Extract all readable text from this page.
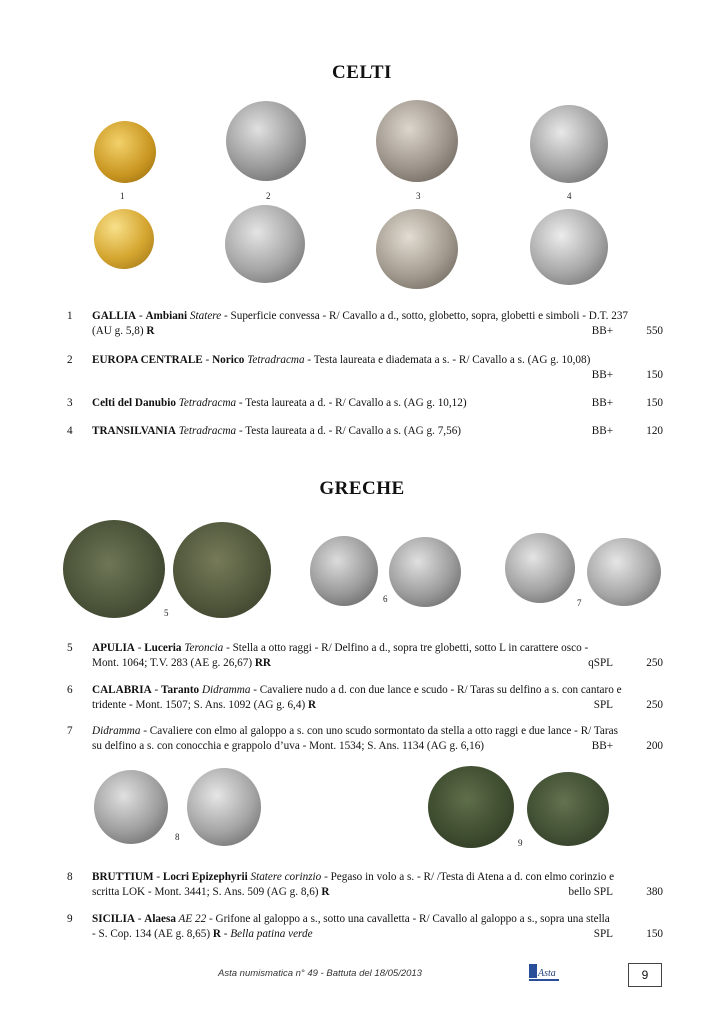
CELTI
1	2	3	4
1 GALLIA - Ambiani Statere - Superficie convessa - R/ Cavallo a d., sotto, globetto, sopra, globetti e simboli - D.T. 237
(AU g. 5,8) R	BB+	550
2 EUROPA CENTRALE - Norico Tetradracma - Testa laureata e diademata a s. - R/ Cavallo a s. (AG g. 10,08)
BB+	150
3 Celti del Danubio Tetradracma - Testa laureata a d. - R/ Cavallo a s. (AG g. 10,12)	BB+	150
4 TRANSILVANIA Tetradracma - Testa laureata a d. - R/ Cavallo a s. (AG g. 7,56)	BB+	120
GRECHE
5
6	7
5 APULIA - Luceria Teroncia - Stella a otto raggi - R/ Delfino a d., sopra tre globetti, sotto L in carattere osco -
Mont. 1064; T.V. 283 (AE g. 26,67) RR	qSPL	250
6 CALABRIA - Taranto Didramma - Cavaliere nudo a d. con due lance e scudo - R/ Taras su delfino a s. con cantaro e
tridente - Mont. 1507; S. Ans. 1092 (AG g. 6,4) R	SPL	250
7 Didramma - Cavaliere con elmo al galoppo a s. con uno scudo sormontato da stella a otto raggi e due lance - R/ Taras
su delfino a s. con conocchia e grappolo d’uva - Mont. 1534; S. Ans. 1134 (AG g. 6,16)	BB+	200
8
9
8 BRUTTIUM - Locri Epizephyrii Statere corinzio - Pegaso in volo a s. - R/ /Testa di Atena a d. con elmo corinzio e
scritta LOK - Mont. 3441; S. Ans. 509 (AG g. 8,6) R	bello SPL	380
9 SICILIA - Alaesa AE 22 - Grifone al galoppo a s., sotto una cavalletta - R/ Cavallo al galoppo a s., sopra una stella
- S. Cop. 134 (AE g. 8,65) R - Bella patina verde	SPL	150
Asta numismatica n° 49 - Battuta del 18/05/2013	Asta	9
